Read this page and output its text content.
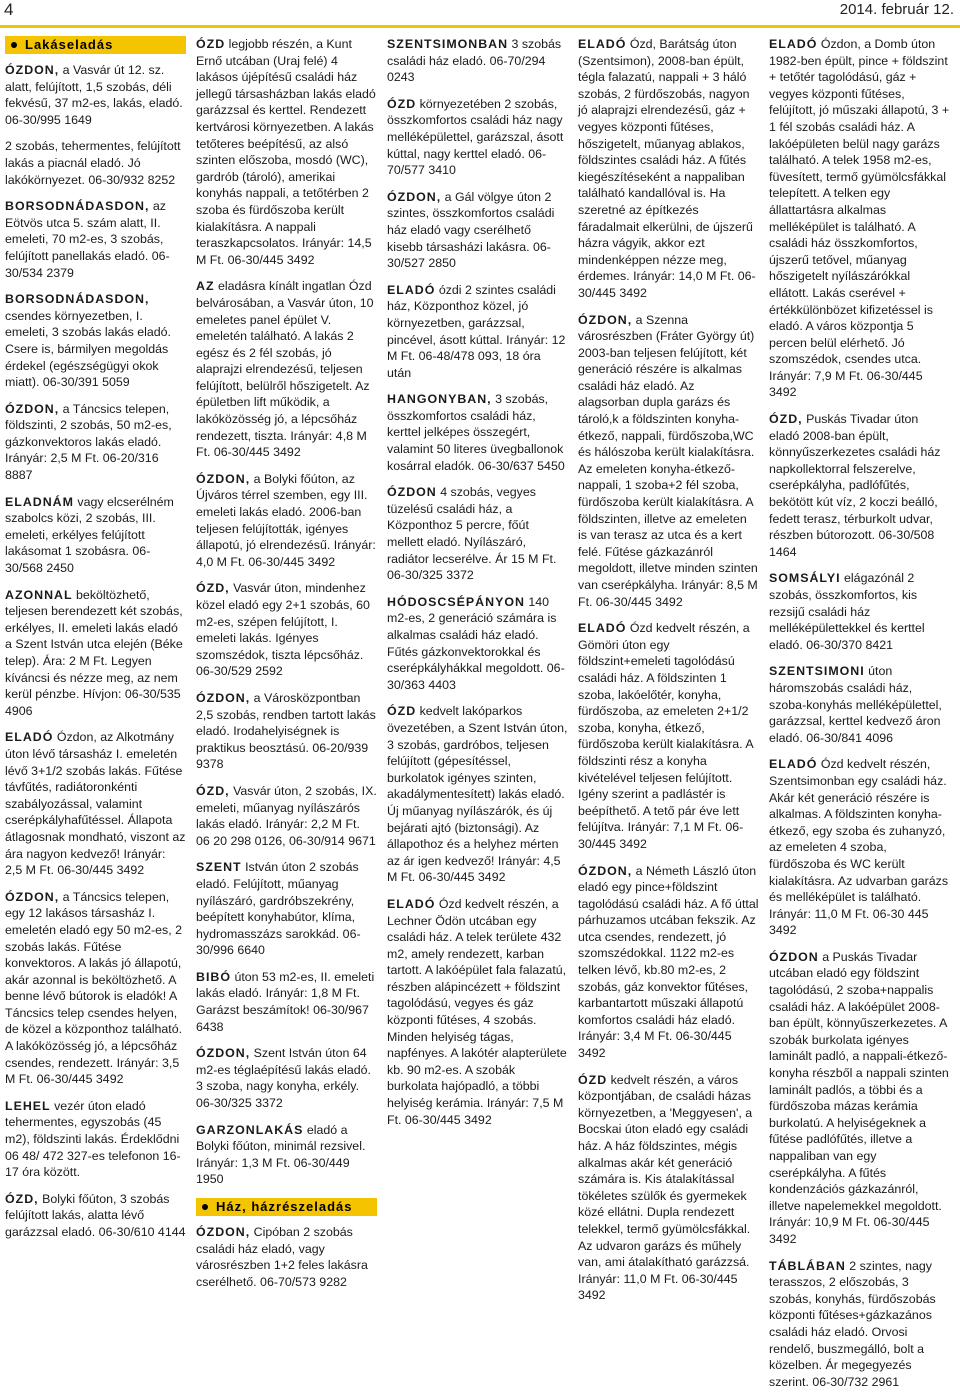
4	2014. február 12.
Lakáseladás
ÓZDON, a Vasvár út 12. sz. alatt, felújított, 1,5 szobás, déli fekvésű, 37 m2-es, lakás, eladó. 06-30/995 1649
2 szobás, tehermentes, felújított lakás a piacnál eladó. Jó lakókörnyezet. 06-30/932 8252
BORSODNÁDASDON, az Eötvös utca 5. szám alatt, II. emeleti, 70 m2-es, 3 szobás, felújított panellakás eladó. 06-30/534 2379
BORSODNÁDASDON, csendes környezetben, I. emeleti, 3 szobás lakás eladó. Csere is, bármilyen megoldás érdekel (egészségügyi okok miatt). 06-30/391 5059
ÓZDON, a Táncsics telepen, földszinti, 2 szobás, 50 m2-es, gázkonvektoros lakás eladó. Irányár: 2,5 M Ft. 06-20/316 8887
ELADNÁM vagy elcserélném szabolcs közi, 2 szobás, III. emeleti, erkélyes felújított lakásomat 1 szobásra. 06-30/568 2450
AZONNAL beköltözhető, teljesen berendezett két szobás, erkélyes, II. emeleti lakás eladó a Szent István utca elején (Béke telep). Ára: 2 M Ft. Legyen kíváncsi és nézze meg, az nem kerül pénzbe. Hívjon: 06-30/535 4906
ELADÓ Ózdon, az Alkotmány úton lévő társasház I. emeletén lévő 3+1/2 szobás lakás. Fűtése távfűtés, radiátoronkénti szabályozással, valamint cserépkályhafűtéssel. Állapota átlagosnak mondható, viszont az ára nagyon kedvező! Irányár: 2,5 M Ft. 06-30/445 3492
ÓZDON, a Táncsics telepen, egy 12 lakásos társasház I. emeletén eladó egy 50 m2-es, 2 szobás lakás. Fűtése konvektoros. A lakás jó állapotú, akár azonnal is beköltözhető. A benne lévő bútorok is eladók! A Táncsics telep csendes helyen, de közel a központhoz található. A lakóközösség jó, a lépcsőház csendes, rendezett. Irányár: 3,5 M Ft. 06-30/445 3492
LEHEL vezér úton eladó tehermentes, egyszobás (45 m2), földszinti lakás. Érdeklődni 06 48/ 472 327-es telefonon 16-17 óra között.
ÓZD, Bolyki főúton, 3 szobás felújított lakás, alatta lévő garázzsal eladó. 06-30/610 4144
ÓZD legjobb részén, a Kunt Ernő utcában (Uraj felé) 4 lakásos újépítésű családi ház jellegű társasházban lakás eladó garázzsal és kerttel. Rendezett kertvárosi környezetben. A lakás tetőteres beépítésű, az alsó szinten előszoba, mosdó (WC), gardrób (tároló), amerikai konyhás nappali, a tetőtérben 2 szoba és fürdőszoba került kialakításra. A nappali teraszkapcsolatos. Irányár: 14,5 M Ft. 06-30/445 3492
AZ eladásra kínált ingatlan Ózd belvárosában, a Vasvár úton, 10 emeletes panel épület V. emeletén található. A lakás 2 egész és 2 fél szobás, jó alaprajzi elrendezésű, teljesen felújított, belülről hőszigetelt. Az épületben lift működik, a lakóközösség jó, a lépcsőház rendezett, tiszta. Irányár: 4,8 M Ft. 06-30/445 3492
ÓZDON, a Bolyki főúton, az Újváros térrel szemben, egy III. emeleti lakás eladó. 2006-ban teljesen felújították, igényes állapotú, jó elrendezésű. Irányár: 4,0 M Ft. 06-30/445 3492
ÓZD, Vasvár úton, mindenhez közel eladó egy 2+1 szobás, 60 m2-es, szépen felújított, I. emeleti lakás. Igényes szomszédok, tiszta lépcsőház. 06-30/529 2592
ÓZDON, a Városközpontban 2,5 szobás, rendben tartott lakás eladó. Irodahelyiségnek is praktikus beosztású. 06-20/939 9378
ÓZD, Vasvár úton, 2 szobás, IX. emeleti, műanyag nyílászárós lakás eladó. Irányár: 2,2 M Ft. 06 20 298 0126, 06-30/914 9671
SZENT István úton 2 szobás eladó. Felújított, műanyag nyílászáró, gardróbszekrény, beépített konyhabútor, klíma, hydromasszázs sarokkád. 06-30/996 6640
BIBÓ úton 53 m2-es, II. emeleti lakás eladó. Irányár: 1,8 M Ft. Garázst beszámítok! 06-30/967 6438
ÓZDON, Szent István úton 64 m2-es téglaépítésű lakás eladó. 3 szoba, nagy konyha, erkély. 06-30/325 3372
GARZONLAKÁS eladó a Bolyki főúton, minimál rezsivel. Irányár: 1,3 M Ft. 06-30/449 1950
Ház, házrészeladás
ÓZDON, Cipóban 2 szobás családi ház eladó, vagy városrészben 1+2 feles lakásra cserélhető. 06-70/573 9282
SZENTSIMONBAN 3 szobás családi ház eladó. 06-70/294 0243
ÓZD környezetében 2 szobás, összkomfortos családi ház nagy melléképülettel, garázszal, ásott kúttal, nagy kerttel eladó. 06-70/577 3410
ÓZDON, a Gál völgye úton 2 szintes, összkomfortos családi ház eladó vagy cserélhető kisebb társasházi lakásra. 06-30/527 2850
ELADÓ ózdi 2 szintes családi ház, Központhoz közel, jó környezetben, garázzsal, pincével, ásott kúttal. Irányár: 12 M Ft. 06-48/478 093, 18 óra után
HANGONYBAN, 3 szobás, összkomfortos családi ház, kerttel jelképes összegért, valamint 50 literes üvegballonok kosárral eladók. 06-30/637 5450
ÓZDON 4 szobás, vegyes tüzelésű családi ház, a Központhoz 5 percre, főút mellett eladó. Nyílászáró, radiátor lecserélve. Ár 15 M Ft. 06-30/325 3372
HÓDOSCSÉPÁNYON 140 m2-es, 2 generáció számára is alkalmas családi ház eladó. Fűtés gázkonvektorokkal és cserépkályhákkal megoldott. 06-30/363 4403
ÓZD kedvelt lakóparkos övezetében, a Szent István úton, 3 szobás, gardróbos, teljesen felújított (gépesítéssel, burkolatok igényes szinten, akadálymentesített) lakás eladó. Új műanyag nyílászárók, és új bejárati ajtó (biztonsági). Az állapothoz és a helyhez mérten az ár igen kedvező! Irányár: 4,5 M Ft. 06-30/445 3492
ELADÓ Ózd kedvelt részén, a Lechner Ödön utcában egy családi ház. A telek területe 432 m2, amely rendezett, karban tartott. A lakóépület fala falazatú, részben alápincézett + földszint tagolódású, vegyes és gáz központi fűtéses, 4 szobás. Minden helyiség tágas, napfényes. A lakótér alapterülete kb. 90 m2-es. A szobák burkolata hajópadló, a többi helyiség kerámia. Irányár: 7,5 M Ft. 06-30/445 3492
ELADÓ Ózd, Barátság úton (Szentsimon), 2008-ban épült, tégla falazatú, nappali + 3 háló szobás, 2 fürdőszobás, nagyon jó alaprajzi elrendezésű, gáz + vegyes központi fűtéses, hőszigetelt, műanyag ablakos, földszintes családi ház. A fűtés kiegészítéseként a nappaliban található kandallóval is. Ha szeretné az építkezés fáradalmait elkerülni, de újszerű házra vágyik, akkor ezt mindenképpen nézze meg, érdemes. Irányár: 14,0 M Ft. 06-30/445 3492
ÓZDON, a Szenna városrészben (Fráter György út) 2003-ban teljesen felújított, két generáció részére is alkalmas családi ház eladó. Az alagsorban dupla garázs és tároló,k a földszinten konyha-étkező, nappali, fürdőszoba,WC és hálószoba került kialakításra. Az emeleten konyha-étkező-nappali, 1 szoba+2 fél szoba, fürdőszoba került kialakításra. A földszinten, illetve az emeleten is van terasz az utca és a kert felé. Fűtése gázkazánról megoldott, illetve minden szinten van cserépkályha. Irányár: 8,5 M Ft. 06-30/445 3492
ELADÓ Ózd kedvelt részén, a Gömöri úton egy földszint+emeleti tagolódású családi ház. A földszinten 1 szoba, lakóelőtér, konyha, fürdőszoba, az emeleten 2+1/2 szoba, konyha, étkező, fürdőszoba került kialakításra. A földszinti rész a konyha kivételével teljesen felújított. Igény szerint a padlástér is beépíthető. A tető pár éve lett felújítva. Irányár: 7,1 M Ft. 06-30/445 3492
ÓZDON, a Németh László úton eladó egy pince+földszint tagolódású családi ház. A fő úttal párhuzamos utcában fekszik. Az utca csendes, rendezett, jó szomszédokkal. 1122 m2-es telken lévő, kb.80 m2-es, 2 szobás, gáz konvektor fűtéses, karbantartott műszaki állapotú komfortos családi ház eladó. Irányár: 3,4 M Ft. 06-30/445 3492
ÓZD kedvelt részén, a város központjában, de családi házas környezetben, a 'Meggyesen', a Bocskai úton eladó egy családi ház. A ház földszintes, mégis alkalmas akár két generáció számára is. Kis átalakítással tökéletes szülők és gyermekek közé ellátni. Dupla rendezett telekkel, termő gyümölcsfákkal. Az udvaron garázs és műhely van, ami átalakítható garázzsá. Irányár: 11,0 M Ft. 06-30/445 3492
ELADÓ Ózdon, a Domb úton 1982-ben épült, pince + földszint + tetőtér tagolódású, gáz + vegyes központi fűtéses, felújított, jó műszaki állapotú, 3 + 1 fél szobás családi ház. A lakóépületen belül nagy garázs található. A telek 1958 m2-es, füvesített, termő gyümölcsfákkal telepített. A telken egy állattartásra alkalmas melléképület is található. A családi ház összkomfortos, újszerű tetővel, műanyag hőszigetelt nyílászárókkal ellátott. Lakás cserével + értékkülönbözet kifizetéssel is eladó. A város központja 5 percen belül elérhető. Jó szomszédok, csendes utca. Irányár: 7,9 M Ft. 06-30/445 3492
ÓZD, Puskás Tivadar úton eladó 2008-ban épült, könnyűszerkezetes családi ház napkollektorral felszerelve, cserépkályha, padlófűtés, bekötött kút víz, 2 koczi beálló, fedett terasz, térburkolt udvar, részben bútorozott. 06-30/508 1464
SOMSÁLYI elágazónál 2 szobás, összkomfortos, kis rezsijű családi ház melléképülettekkel és kerttel eladó. 06-30/370 8421
SZENTSIMONI úton háromszobás családi ház, szoba-konyhás melléképülettel, garázzsal, kerttel kedvező áron eladó. 06-30/841 4096
ELADÓ Ózd kedvelt részén, Szentsimonban egy családi ház. Akár két generáció részére is alkalmas. A földszinten konyha-étkező, egy szoba és zuhanyzó, az emeleten 4 szoba, fürdőszoba és WC került kialakításra. Az udvarban garázs és melléképület is található. Irányár: 11,0 M Ft. 06-30 445 3492
ÓZDON a Puskás Tivadar utcában eladó egy földszint tagolódású, 2 szoba+nappalis családi ház. A lakóépület 2008-ban épült, könnyűszerkezetes. A szobák burkolata igényes laminált padló, a nappali-étkező-konyha részből a nappali szinten laminált padlós, a többi és a fürdőszoba mázas kerámia burkolatú. A helyiségeknek a fűtése padlófűtés, illetve a nappaliban van egy cserépkályha. A fűtés kondenzációs gázkazánról, illetve napelemekkel megoldott. Irányár: 10,9 M Ft. 06-30/445 3492
TÁBLÁBAN 2 szintes, nagy terasszos, 2 előszobás, 3 szobás, konyhás, fürdőszobás központi fűtéses+gázkazános családi ház eladó. Orvosi rendelő, buszmegálló, bolt a közelben. Ár megegyezés szerint. 06-30/732 2961
